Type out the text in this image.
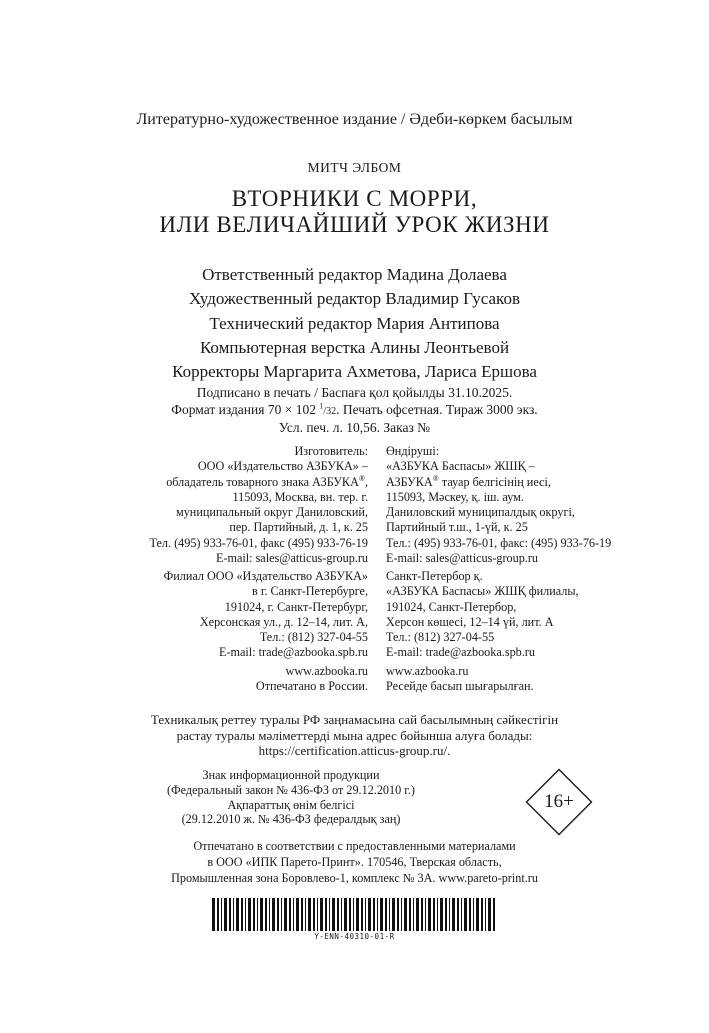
Литературно-художественное издание / Әдеби-көркем басылым
МИТЧ ЭЛБОМ
ВТОРНИКИ С МОРРИ,
ИЛИ ВЕЛИЧАЙШИЙ УРОК ЖИЗНИ
Ответственный редактор Мадина Долаева
Художественный редактор Владимир Гусаков
Технический редактор Мария Антипова
Компьютерная верстка Алины Леонтьевой
Корректоры Маргарита Ахметова, Лариса Ершова
Подписано в печать / Баспаға қол қойылды 31.10.2025.
Формат издания 70 × 102 $^1$/32. Печать офсетная. Тираж 3000 экз.
Усл. печ. л. 10,56. Заказ №
Изготовитель:
ООО «Издательство АЗБУКА» –
обладатель товарного знака АЗБУКА®,
115093, Москва, вн. тер. г.
муниципальный округ Даниловский,
пер. Партийный, д. 1, к. 25
Тел. (495) 933-76-01, факс (495) 933-76-19
E-mail: sales@atticus-group.ru
Өндіруші:
«АЗБУКА Баспасы» ЖШҚ –
АЗБУКА® тауар белгісінің иесі,
115093, Мәскеу, қ. іш. аум.
Даниловский муниципалдық округі,
Партийный т.ш., 1-үй, к. 25
Тел.: (495) 933-76-01, факс: (495) 933-76-19
E-mail: sales@atticus-group.ru
Филиал ООО «Издательство АЗБУКА»
в г. Санкт-Петербурге,
191024, г. Санкт-Петербург,
Херсонская ул., д. 12–14, лит. А,
Тел.: (812) 327-04-55
E-mail: trade@azbooka.spb.ru
Санкт-Петербор қ.
«АЗБУКА Баспасы» ЖШҚ филиалы,
191024, Санкт-Петербор,
Херсон көшесі, 12–14 үй, лит. А
Тел.: (812) 327-04-55
E-mail: trade@azbooka.spb.ru
www.azbooka.ru
Отпечатано в России.
www.azbooka.ru
Ресейде басып шығарылған.
Техникалық реттеу туралы РФ заңнамасына сай басылымның сәйкестігін
растау туралы мәліметтерді мына адрес бойынша алуға болады:
https://certification.atticus-group.ru/.
Знак информационной продукции
(Федеральный закон № 436-ФЗ от 29.12.2010 г.)
Ақпараттық өнім белгісі
(29.12.2010 ж. № 436-ФЗ федералдық заң)
16+
Отпечатано в соответствии с предоставленными материалами
в ООО «ИПК Парето-Принт». 170546, Тверская область,
Промышленная зона Боровлево-1, комплекс № 3А. www.pareto-print.ru
Y-ENN-40310-01-R
